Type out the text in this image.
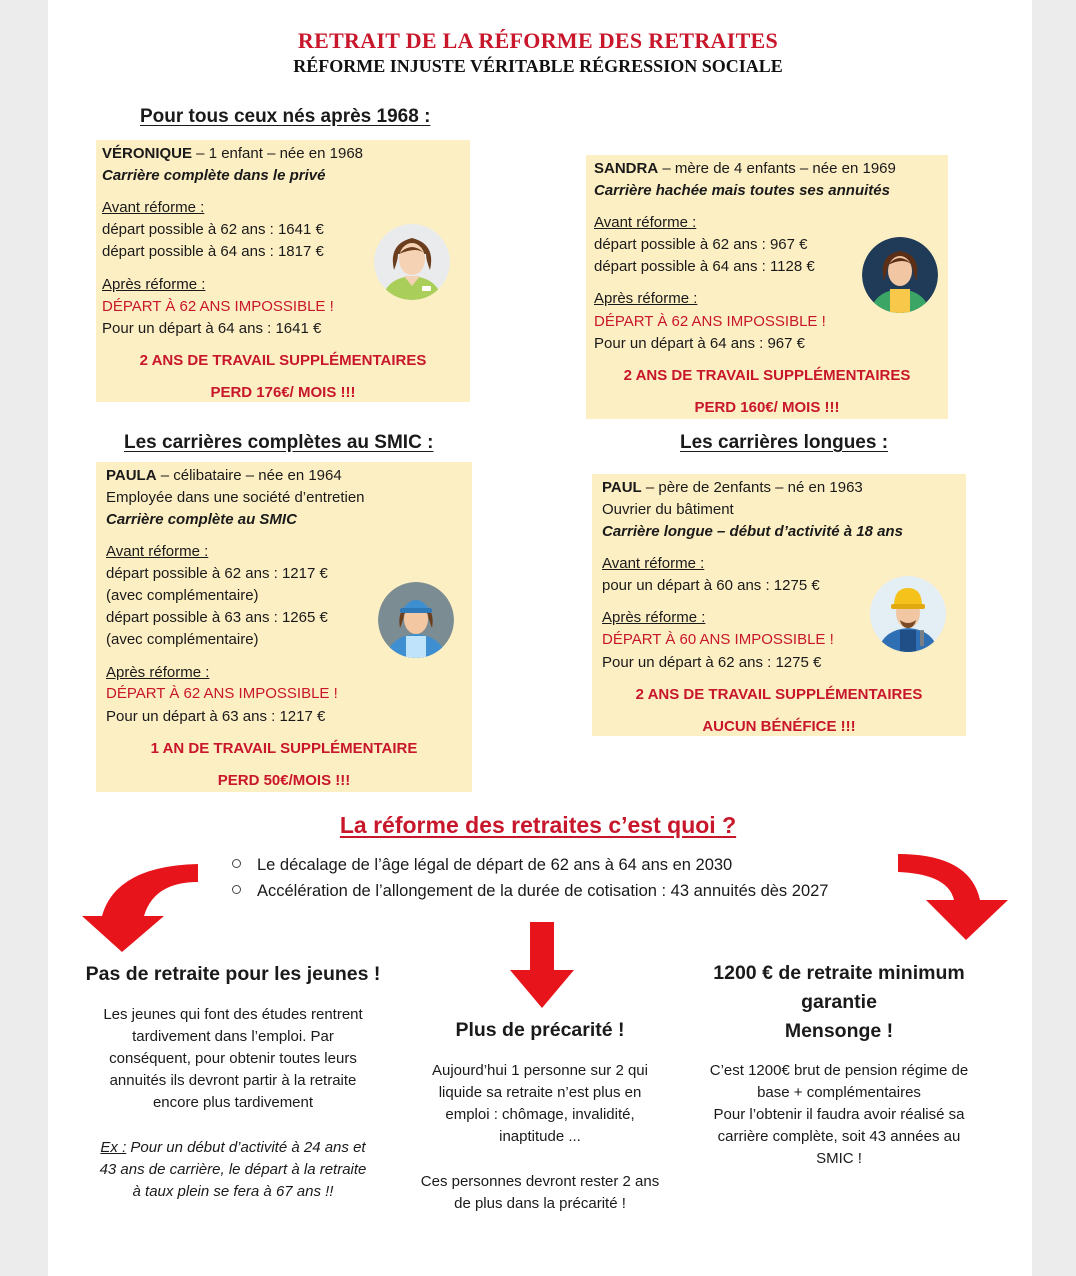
RETRAIT DE LA RÉFORME DES RETRAITES
RÉFORME INJUSTE VÉRITABLE RÉGRESSION SOCIALE
Pour tous ceux nés après 1968 :
VÉRONIQUE – 1 enfant – née en 1968
Carrière complète dans le privé
Avant réforme :
départ possible à 62 ans : 1641 €
départ possible à 64 ans : 1817 €
Après réforme :
DÉPART À 62 ANS IMPOSSIBLE !
Pour un départ à 64 ans : 1641 €
2 ANS DE TRAVAIL SUPPLÉMENTAIRES
PERD 176€/ MOIS !!!
SANDRA – mère de 4 enfants – née en 1969
Carrière hachée mais toutes ses annuités
Avant réforme :
départ possible à 62 ans : 967 €
départ possible à 64 ans : 1128 €
Après réforme :
DÉPART À 62 ANS IMPOSSIBLE !
Pour un départ à 64 ans : 967 €
2 ANS DE TRAVAIL SUPPLÉMENTAIRES
PERD 160€/ MOIS !!!
Les carrières complètes au SMIC :	Les carrières longues :
PAULA – célibataire – née en 1964
Employée dans une société d’entretien
Carrière complète au SMIC
Avant réforme :
départ possible à 62 ans : 1217 €
(avec complémentaire)
départ possible à 63 ans : 1265 €
(avec complémentaire)
Après réforme :
DÉPART À 62 ANS IMPOSSIBLE !
Pour un départ à 63 ans : 1217 €
1 AN DE TRAVAIL SUPPLÉMENTAIRE
PERD 50€/MOIS !!!
PAUL – père de 2enfants – né en 1963
Ouvrier du bâtiment
Carrière longue – début d’activité à 18 ans
Avant réforme :
pour un départ à 60 ans : 1275 €
Après réforme :
DÉPART À 60 ANS IMPOSSIBLE !
Pour un départ à 62 ans : 1275 €
2 ANS DE TRAVAIL SUPPLÉMENTAIRES
AUCUN BÉNÉFICE !!!
La réforme des retraites c’est quoi ?
Le décalage de l’âge légal de départ de 62 ans à 64 ans en 2030
Accélération de l’allongement de la durée de cotisation : 43 annuités dès 2027
Pas de retraite pour les jeunes !
Les jeunes qui font des études rentrent
tardivement dans l’emploi. Par
conséquent, pour obtenir toutes leurs
annuités ils devront partir à la retraite
encore plus tardivement
Ex : Pour un début d’activité à 24 ans et
43 ans de carrière, le départ à la retraite
à taux plein se fera à 67 ans !!
Plus de précarité !
Aujourd’hui 1 personne sur 2 qui
liquide sa retraite n’est plus en
emploi : chômage, invalidité,
inaptitude ...
Ces personnes devront rester 2 ans
de plus dans la précarité !
1200 € de retraite minimum
garantie
Mensonge !
C’est 1200€ brut de pension régime de
base + complémentaires
Pour l’obtenir il faudra avoir réalisé sa
carrière complète, soit 43 années au
SMIC !
